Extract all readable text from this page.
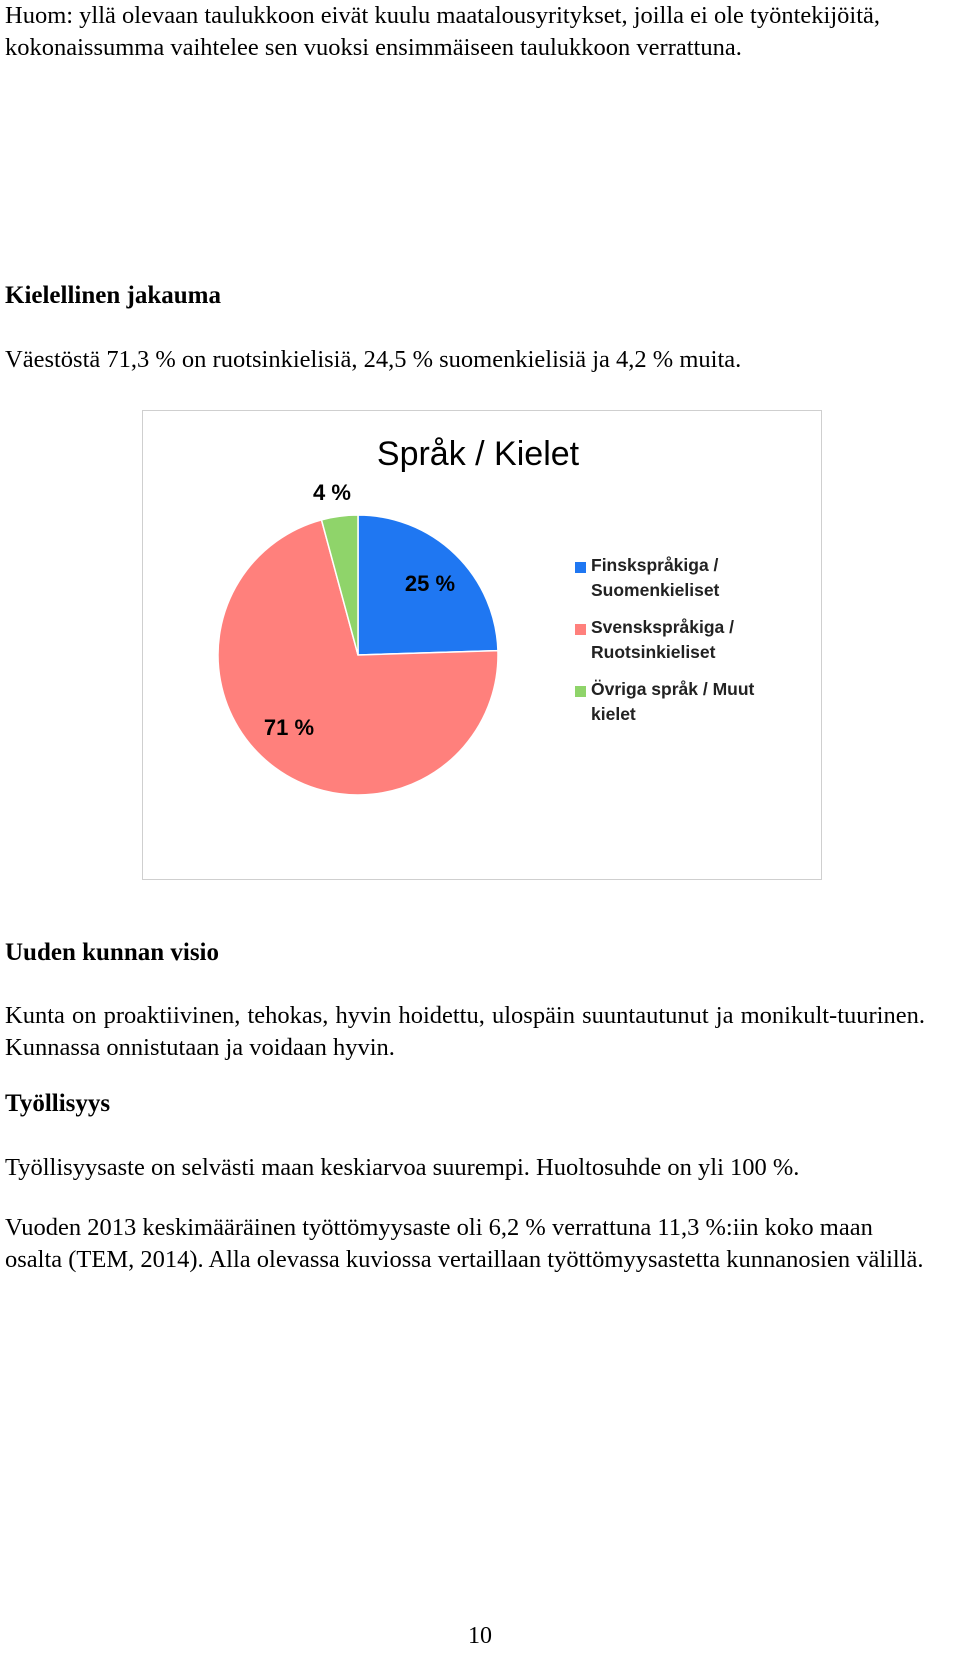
Huom: yllä olevaan taulukkoon eivät kuulu maatalousyritykset, joilla ei ole työntekijöitä, kokonaissumma vaihtelee sen vuoksi ensimmäiseen taulukkoon verrattuna.

Kielellinen jakauma

Väestöstä 71,3 % on ruotsinkielisiä, 24,5 % suomenkielisiä ja 4,2 % muita.

Språk / Kielet
25 %
71 %
4 %
Finskspråkiga / Suomenkieliset
Svenskspråkiga / Ruotsinkieliset
Övriga språk / Muut kielet
Uuden kunnan visio

Kunta on proaktiivinen, tehokas, hyvin hoidettu, ulospäin suuntautunut ja monikult-tuurinen. Kunnassa onnistutaan ja voidaan hyvin.

Työllisyys

Työllisyysaste on selvästi maan keskiarvoa suurempi. Huoltosuhde on yli 100 %.

Vuoden 2013 keskimääräinen työttömyysaste oli 6,2 % verrattuna 11,3 %:iin koko maan osalta (TEM, 2014). Alla olevassa kuviossa vertaillaan työttömyysastetta kunnanosien välillä.

10
